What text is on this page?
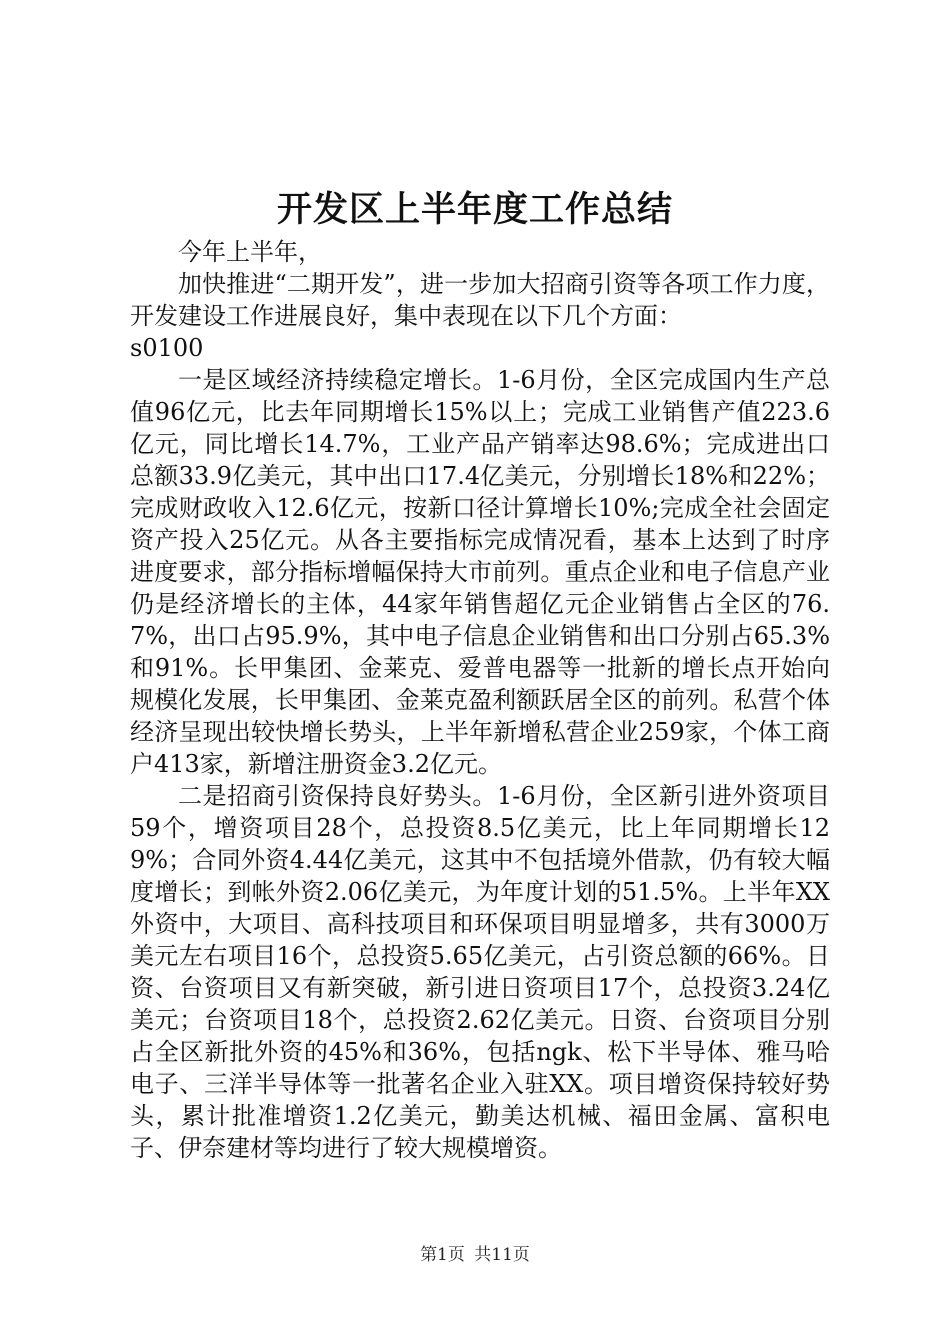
开发区上半年度工作总结

今年上半年，

加快推进“二期开发”，进一步加大招商引资等各项工作力度，开发建设工作进展良好，集中表现在以下几个方面：

s0100

一是区域经济持续稳定增长。1-6月份，全区完成国内生产总值96亿元，比去年同期增长15%以上；完成工业销售产值223.6亿元，同比增长14.7%，工业产品产销率达98.6%；完成进出口总额33.9亿美元，其中出口17.4亿美元，分别增长18%和22%；完成财政收入12.6亿元，按新口径计算增长10%;完成全社会固定资产投入25亿元。从各主要指标完成情况看，基本上达到了时序进度要求，部分指标增幅保持大市前列。重点企业和电子信息产业仍是经济增长的主体，44家年销售超亿元企业销售占全区的76.7%，出口占95.9%，其中电子信息企业销售和出口分别占65.3%和91%。长甲集团、金莱克、爱普电器等一批新的增长点开始向规模化发展，长甲集团、金莱克盈利额跃居全区的前列。私营个体经济呈现出较快增长势头，上半年新增私营企业259家，个体工商户413家，新增注册资金3.2亿元。

二是招商引资保持良好势头。1-6月份，全区新引进外资项目59个，增资项目28个，总投资8.5亿美元，比上年同期增长129%；合同外资4.44亿美元，这其中不包括境外借款，仍有较大幅度增长；到帐外资2.06亿美元，为年度计划的51.5%。上半年XX外资中，大项目、高科技项目和环保项目明显增多，共有3000万美元左右项目16个，总投资5.65亿美元，占引资总额的66%。日资、台资项目又有新突破，新引进日资项目17个，总投资3.24亿美元；台资项目18个，总投资2.62亿美元。日资、台资项目分别占全区新批外资的45%和36%，包括ngk、松下半导体、雅马哈电子、三洋半导体等一批著名企业入驻XX。项目增资保持较好势头，累计批准增资1.2亿美元，勤美达机械、福田金属、富积电子、伊奈建材等均进行了较大规模增资。

第1页 共11页
